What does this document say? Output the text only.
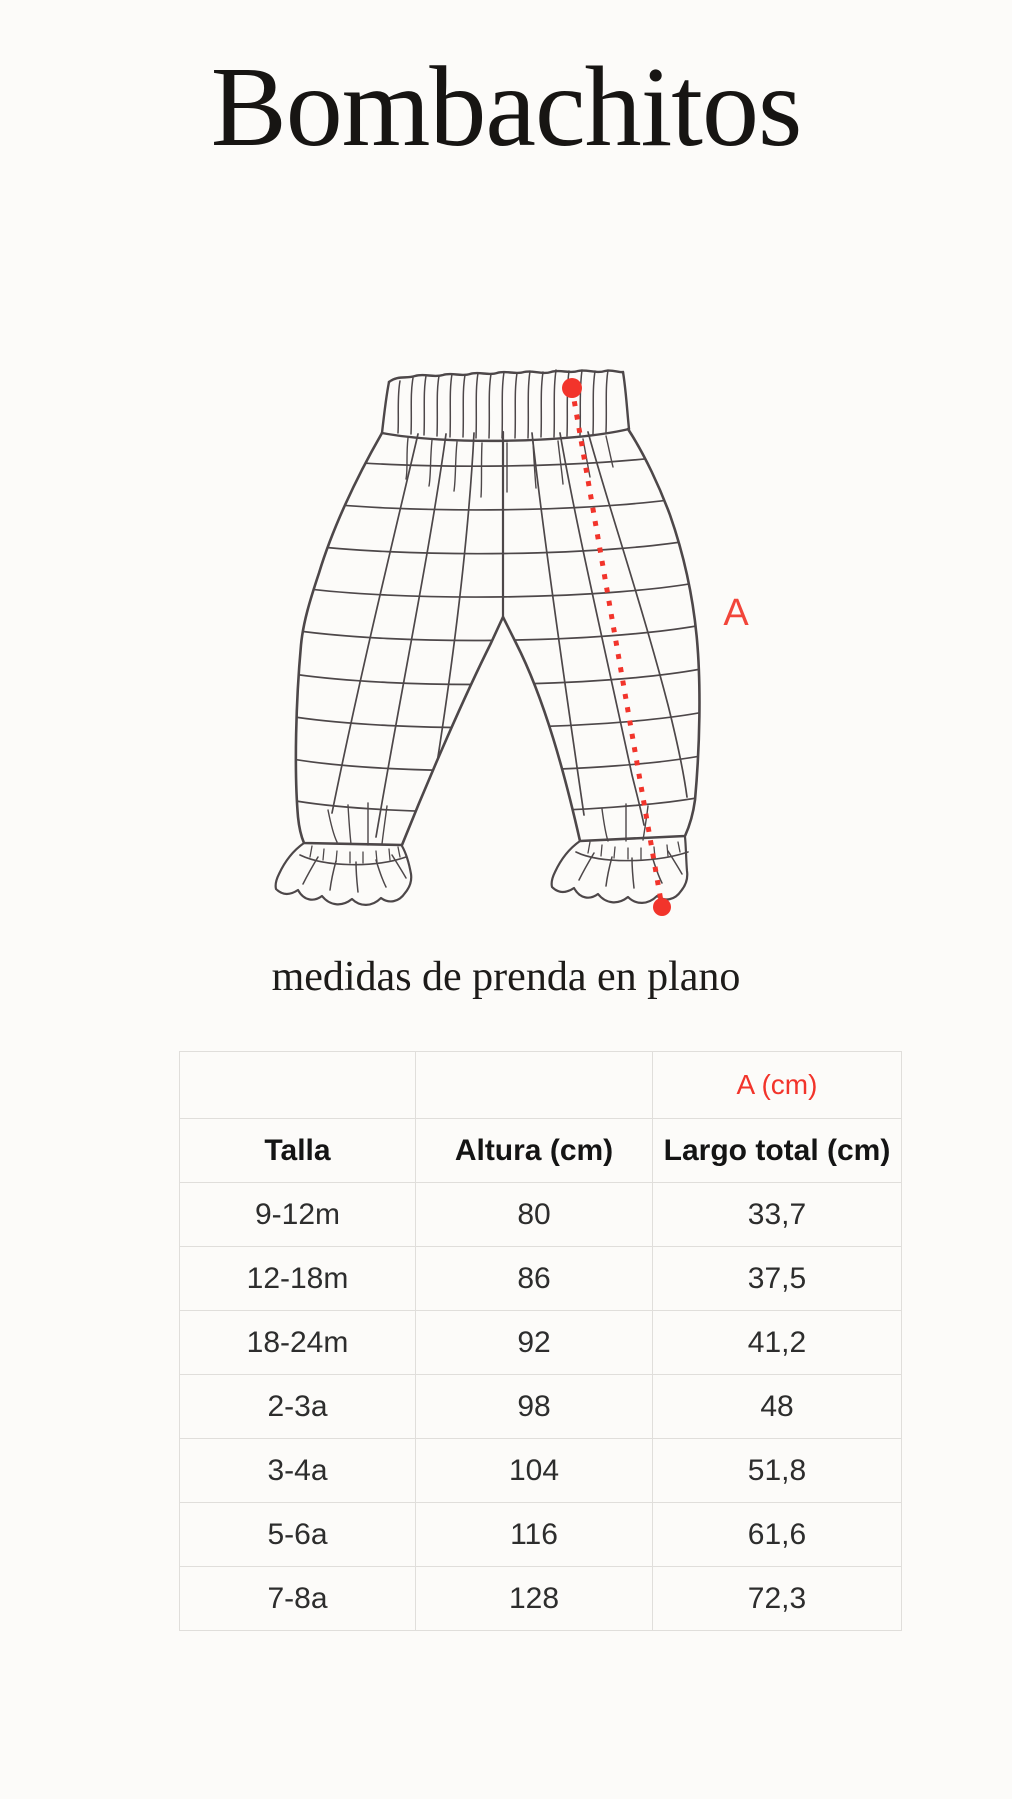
Bombachitos
A
medidas de prenda en plano
		A (cm)
Talla	Altura (cm)	Largo total (cm)
9-12m	80	33,7
12-18m	86	37,5
18-24m	92	41,2
2-3a	98	48
3-4a	104	51,8
5-6a	116	61,6
7-8a	128	72,3
